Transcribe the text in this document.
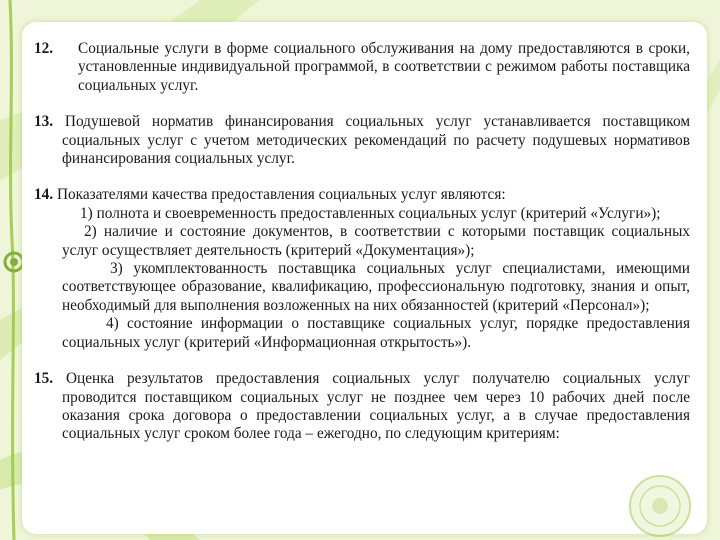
12. Социальные услуги в форме социального обслуживания на дому предоставляются в сроки, установленные индивидуальной программой, в соответствии с режимом работы поставщика социальных услуг.

13. Подушевой норматив финансирования социальных услуг устанавливается поставщиком социальных услуг с учетом методических рекомендаций по расчету подушевых нормативов финансирования социальных услуг.

14. Показателями качества предоставления социальных услуг являются:

1) полнота и своевременность предоставленных социальных услуг (критерий «Услуги»);

2) наличие и состояние документов, в соответствии с которыми поставщик социальных услуг осуществляет деятельность (критерий «Документация»);

3) укомплектованность поставщика социальных услуг специалистами, имеющими соответствующее образование, квалификацию, профессиональную подготовку, знания и опыт, необходимый для выполнения возложенных на них обязанностей (критерий «Персонал»);

4) состояние информации о поставщике социальных услуг, порядке предоставления социальных услуг (критерий «Информационная открытость»).

15. Оценка результатов предоставления социальных услуг получателю социальных услуг проводится поставщиком социальных услуг не позднее чем через 10 рабочих дней после оказания срока договора о предоставлении социальных услуг, а в случае предоставления социальных услуг сроком более года – ежегодно, по следующим критериям:
